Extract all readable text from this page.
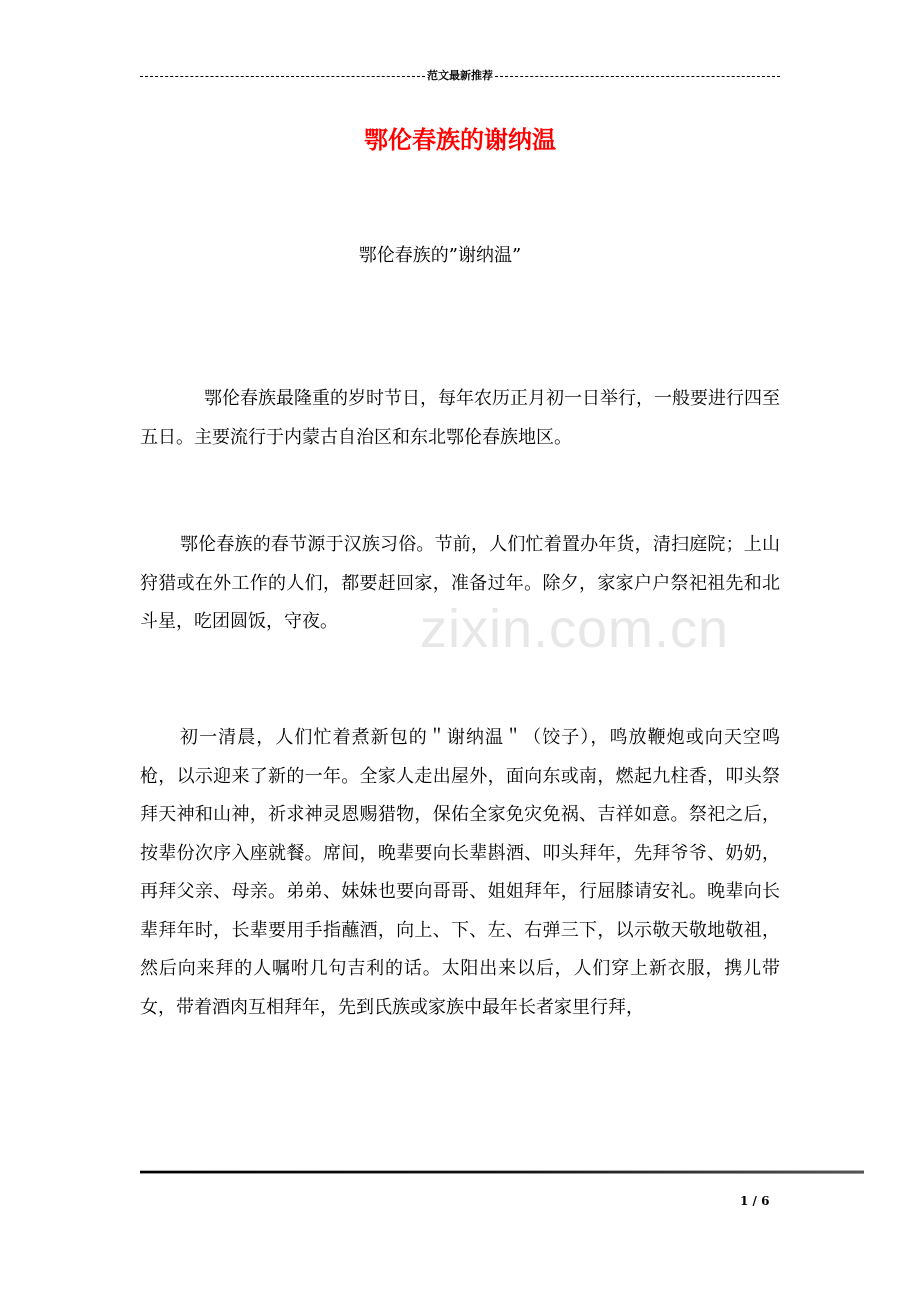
范文最新推荐
鄂伦春族的谢纳温
鄂伦春族的”谢纳温”

鄂伦春族最隆重的岁时节日，每年农历正月初一日举行，一般要进行四至五日。主要流行于内蒙古自治区和东北鄂伦春族地区。

鄂伦春族的春节源于汉族习俗。节前，人们忙着置办年货，清扫庭院；上山狩猎或在外工作的人们，都要赶回家，准备过年。除夕，家家户户祭祀祖先和北斗星，吃团圆饭，守夜。

初一清晨，人们忙着煮新包的＂谢纳温＂（饺子），鸣放鞭炮或向天空鸣枪，以示迎来了新的一年。全家人走出屋外，面向东或南，燃起九柱香，叩头祭拜天神和山神，祈求神灵恩赐猎物，保佑全家免灾免祸、吉祥如意。祭祀之后，按辈份次序入座就餐。席间，晚辈要向长辈斟酒、叩头拜年，先拜爷爷、奶奶，再拜父亲、母亲。弟弟、妹妹也要向哥哥、姐姐拜年，行屈膝请安礼。晚辈向长辈拜年时，长辈要用手指蘸酒，向上、下、左、右弹三下，以示敬天敬地敬祖，然后向来拜的人嘱咐几句吉利的话。太阳出来以后，人们穿上新衣服，携儿带女，带着酒肉互相拜年，先到氏族或家族中最年长者家里行拜，

zixin.com.cn
1 / 6
